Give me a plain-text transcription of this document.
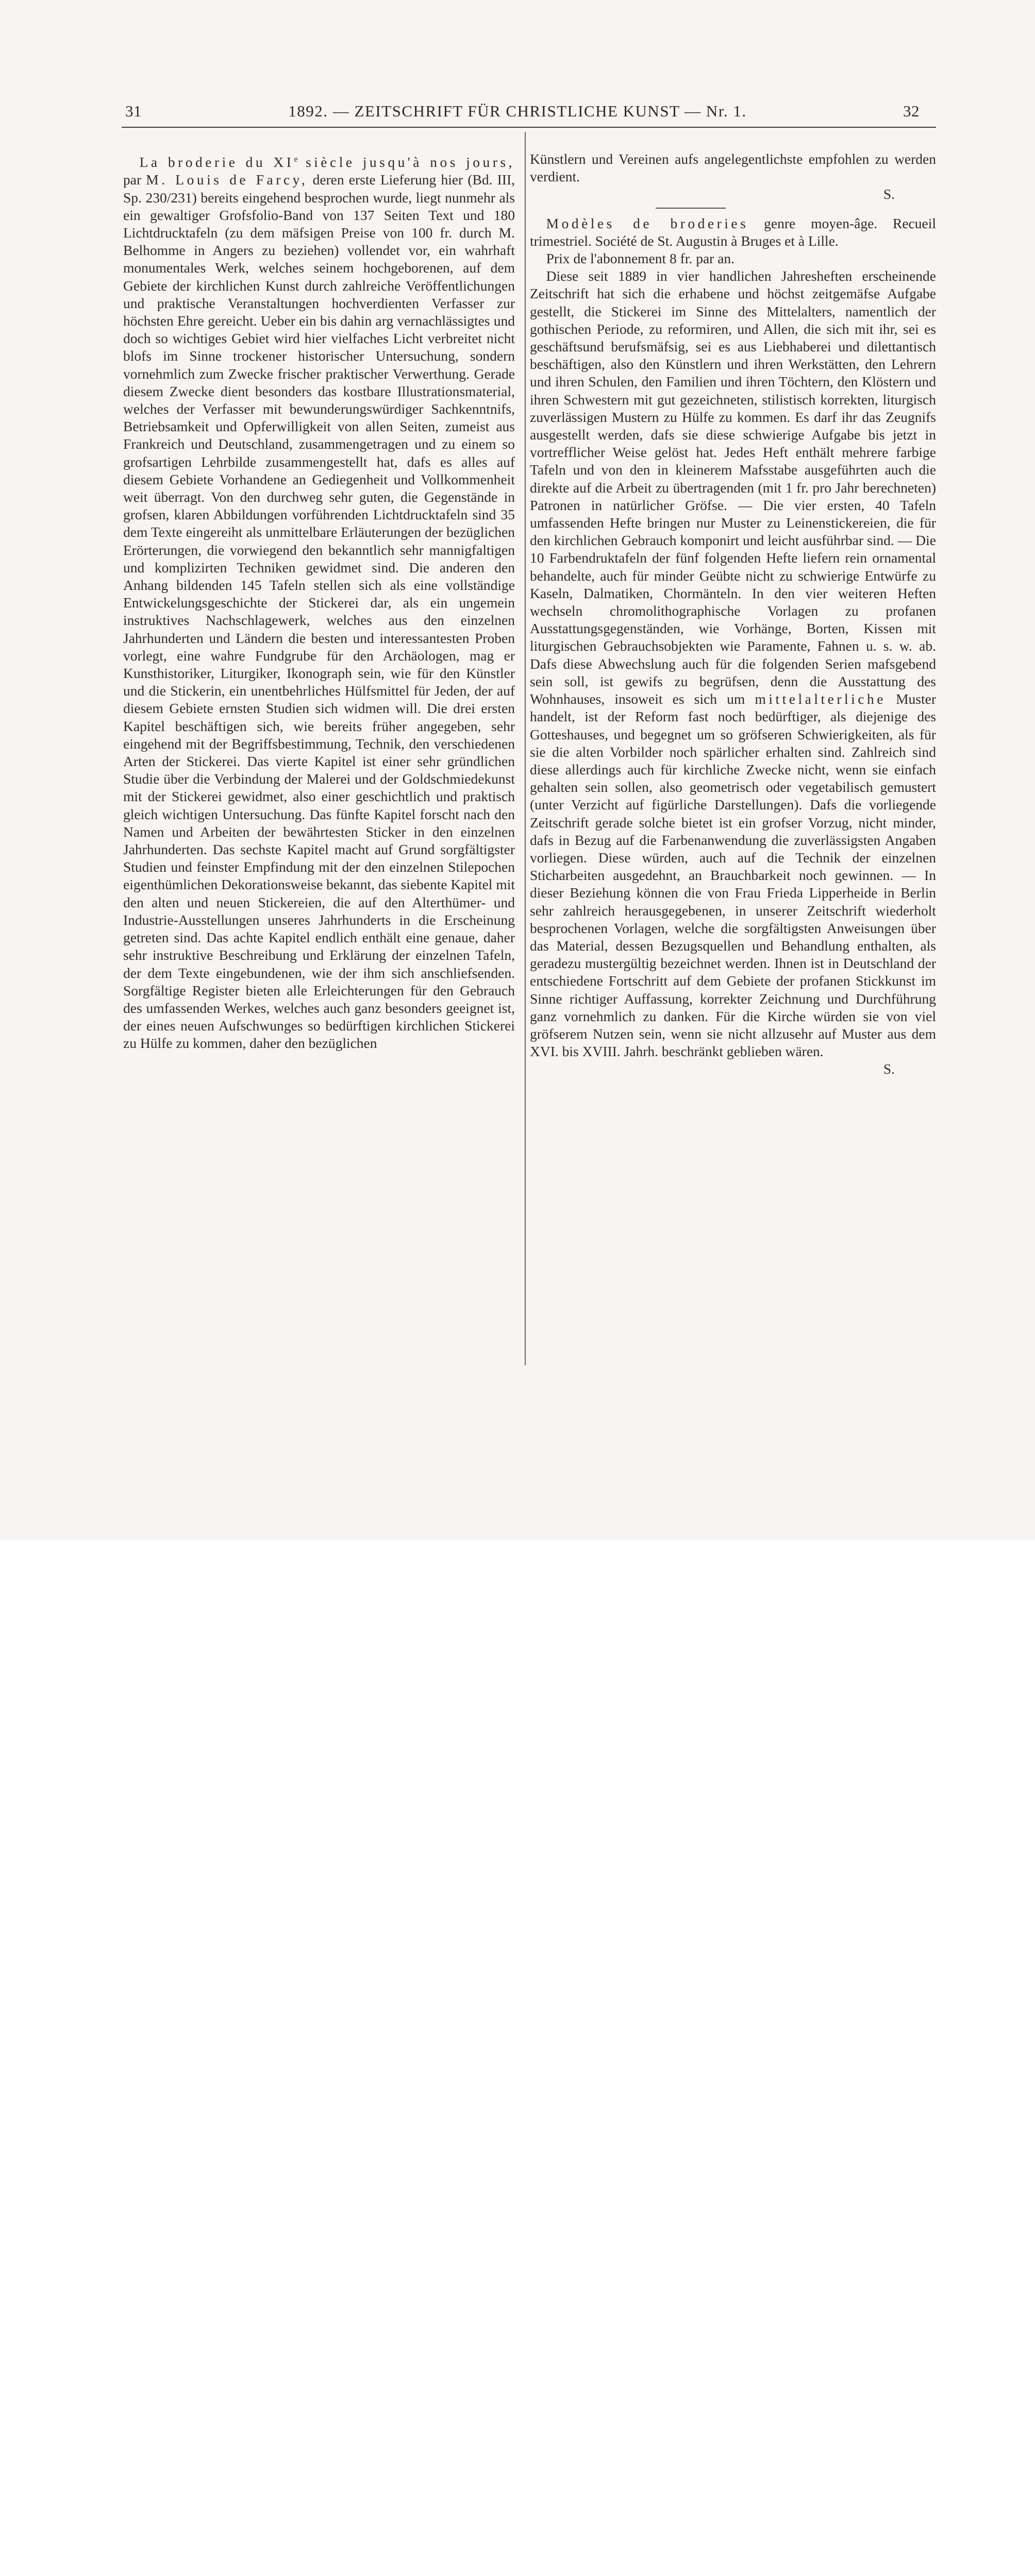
31	1892. — ZEITSCHRIFT FÜR CHRISTLICHE KUNST — Nr. 1.	32

La broderie du XIe siècle jusqu'à nos jours, par M. Louis de Farcy, deren erste Lieferung hier (Bd. III, Sp. 230/231) bereits eingehend besprochen wurde, liegt nunmehr als ein gewaltiger Grofsfolio-Band von 137 Seiten Text und 180 Lichtdrucktafeln (zu dem mäfsigen Preise von 100 fr. durch M. Belhomme in Angers zu beziehen) vollendet vor, ein wahrhaft monumentales Werk, welches seinem hochgeborenen, auf dem Gebiete der kirchlichen Kunst durch zahlreiche Veröffentlichungen und praktische Veranstaltungen hochverdienten Verfasser zur höchsten Ehre gereicht. Ueber ein bis dahin arg vernachlässigtes und doch so wichtiges Gebiet wird hier vielfaches Licht verbreitet nicht blofs im Sinne trockener historischer Untersuchung, sondern vornehmlich zum Zwecke frischer praktischer Verwerthung. Gerade diesem Zwecke dient besonders das kostbare Illustrationsmaterial, welches der Verfasser mit bewunderungswürdiger Sachkenntnifs, Betriebsamkeit und Opferwilligkeit von allen Seiten, zumeist aus Frankreich und Deutschland, zusammengetragen und zu einem so grofsartigen Lehrbilde zusammengestellt hat, dafs es alles auf diesem Gebiete Vorhandene an Gediegenheit und Vollkommenheit weit überragt. Von den durchweg sehr guten, die Gegenstände in grofsen, klaren Abbildungen vorführenden Lichtdrucktafeln sind 35 dem Texte eingereiht als unmittelbare Erläuterungen der bezüglichen Erörterungen, die vorwiegend den bekanntlich sehr mannigfaltigen und komplizirten Techniken gewidmet sind. Die anderen den Anhang bildenden 145 Tafeln stellen sich als eine vollständige Entwickelungsgeschichte der Stickerei dar, als ein ungemein instruktives Nachschlagewerk, welches aus den einzelnen Jahrhunderten und Ländern die besten und interessantesten Proben vorlegt, eine wahre Fundgrube für den Archäologen, mag er Kunsthistoriker, Liturgiker, Ikonograph sein, wie für den Künstler und die Stickerin, ein unentbehrliches Hülfsmittel für Jeden, der auf diesem Gebiete ernsten Studien sich widmen will. Die drei ersten Kapitel beschäftigen sich, wie bereits früher angegeben, sehr eingehend mit der Begriffsbestimmung, Technik, den verschiedenen Arten der Stickerei. Das vierte Kapitel ist einer sehr gründlichen Studie über die Verbindung der Malerei und der Goldschmiedekunst mit der Stickerei gewidmet, also einer geschichtlich und praktisch gleich wichtigen Untersuchung. Das fünfte Kapitel forscht nach den Namen und Arbeiten der bewährtesten Sticker in den einzelnen Jahrhunderten. Das sechste Kapitel macht auf Grund sorgfältigster Studien und feinster Empfindung mit der den einzelnen Stilepochen eigenthümlichen Dekorationsweise bekannt, das siebente Kapitel mit den alten und neuen Stickereien, die auf den Alterthümer- und Industrie-Ausstellungen unseres Jahrhunderts in die Erscheinung getreten sind. Das achte Kapitel endlich enthält eine genaue, daher sehr instruktive Beschreibung und Erklärung der einzelnen Tafeln, der dem Texte eingebundenen, wie der ihm sich anschliefsenden. Sorgfältige Register bieten alle Erleichterungen für den Gebrauch des umfassenden Werkes, welches auch ganz besonders geeignet ist, der eines neuen Aufschwunges so bedürftigen kirchlichen Stickerei zu Hülfe zu kommen, daher den bezüglichen

Künstlern und Vereinen aufs angelegentlichste empfohlen zu werden verdient.

S.

Modèles de broderies genre moyen-âge. Recueil trimestriel. Société de St. Augustin à Bruges et à Lille.

Prix de l'abonnement 8 fr. par an.

Diese seit 1889 in vier handlichen Jahresheften erscheinende Zeitschrift hat sich die erhabene und höchst zeitgemäfse Aufgabe gestellt, die Stickerei im Sinne des Mittelalters, namentlich der gothischen Periode, zu reformiren, und Allen, die sich mit ihr, sei es geschäftsund berufsmäfsig, sei es aus Liebhaberei und dilettantisch beschäftigen, also den Künstlern und ihren Werkstätten, den Lehrern und ihren Schulen, den Familien und ihren Töchtern, den Klöstern und ihren Schwestern mit gut gezeichneten, stilistisch korrekten, liturgisch zuverlässigen Mustern zu Hülfe zu kommen. Es darf ihr das Zeugnifs ausgestellt werden, dafs sie diese schwierige Aufgabe bis jetzt in vortrefflicher Weise gelöst hat. Jedes Heft enthält mehrere farbige Tafeln und von den in kleinerem Mafsstabe ausgeführten auch die direkte auf die Arbeit zu übertragenden (mit 1 fr. pro Jahr berechneten) Patronen in natürlicher Gröfse. — Die vier ersten, 40 Tafeln umfassenden Hefte bringen nur Muster zu Leinenstickereien, die für den kirchlichen Gebrauch komponirt und leicht ausführbar sind. — Die 10 Farbendruktafeln der fünf folgenden Hefte liefern rein ornamental behandelte, auch für minder Geübte nicht zu schwierige Entwürfe zu Kaseln, Dalmatiken, Chormänteln. In den vier weiteren Heften wechseln chromolithographische Vorlagen zu profanen Ausstattungsgegenständen, wie Vorhänge, Borten, Kissen mit liturgischen Gebrauchsobjekten wie Paramente, Fahnen u. s. w. ab. Dafs diese Abwechslung auch für die folgenden Serien mafsgebend sein soll, ist gewifs zu begrüfsen, denn die Ausstattung des Wohnhauses, insoweit es sich um mittelalterliche Muster handelt, ist der Reform fast noch bedürftiger, als diejenige des Gotteshauses, und begegnet um so gröfseren Schwierigkeiten, als für sie die alten Vorbilder noch spärlicher erhalten sind. Zahlreich sind diese allerdings auch für kirchliche Zwecke nicht, wenn sie einfach gehalten sein sollen, also geometrisch oder vegetabilisch gemustert (unter Verzicht auf figürliche Darstellungen). Dafs die vorliegende Zeitschrift gerade solche bietet ist ein grofser Vorzug, nicht minder, dafs in Bezug auf die Farbenanwendung die zuverlässigsten Angaben vorliegen. Diese würden, auch auf die Technik der einzelnen Sticharbeiten ausgedehnt, an Brauchbarkeit noch gewinnen. — In dieser Beziehung können die von Frau Frieda Lipperheide in Berlin sehr zahlreich herausgegebenen, in unserer Zeitschrift wiederholt besprochenen Vorlagen, welche die sorgfältigsten Anweisungen über das Material, dessen Bezugsquellen und Behandlung enthalten, als geradezu mustergültig bezeichnet werden. Ihnen ist in Deutschland der entschiedene Fortschritt auf dem Gebiete der profanen Stickkunst im Sinne richtiger Auffassung, korrekter Zeichnung und Durchführung ganz vornehmlich zu danken. Für die Kirche würden sie von viel gröfserem Nutzen sein, wenn sie nicht allzusehr auf Muster aus dem XVI. bis XVIII. Jahrh. beschränkt geblieben wären.

S.
